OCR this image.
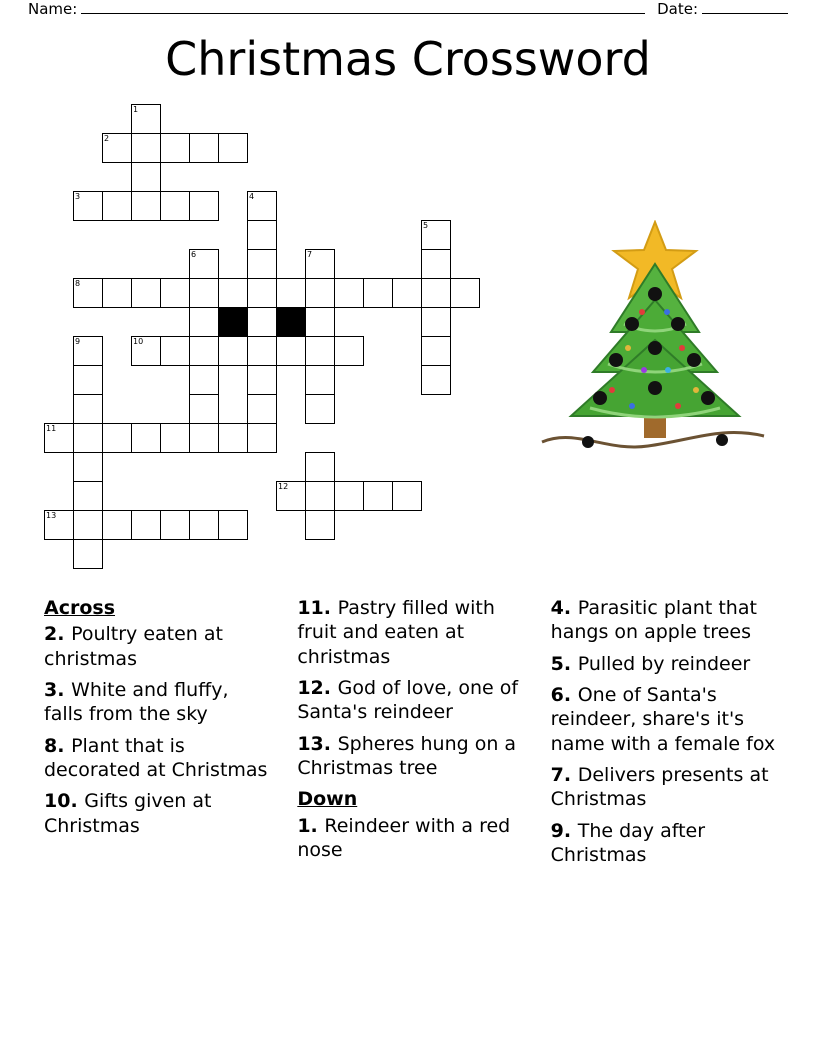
Name:	Date:
Christmas Crossword
1
2
3	4
5
6	7
8
9	10
11
12
13
Across

2. Poultry eaten at christmas

3. White and fluffy, falls from the sky

8. Plant that is decorated at Christmas

10. Gifts given at Christmas

11. Pastry filled with fruit and eaten at christmas

12. God of love, one of Santa's reindeer

13. Spheres hung on a Christmas tree

Down

1. Reindeer with a red nose

4. Parasitic plant that hangs on apple trees

5. Pulled by reindeer

6. One of Santa's reindeer, share's it's name with a female fox

7. Delivers presents at Christmas

9. The day after Christmas
